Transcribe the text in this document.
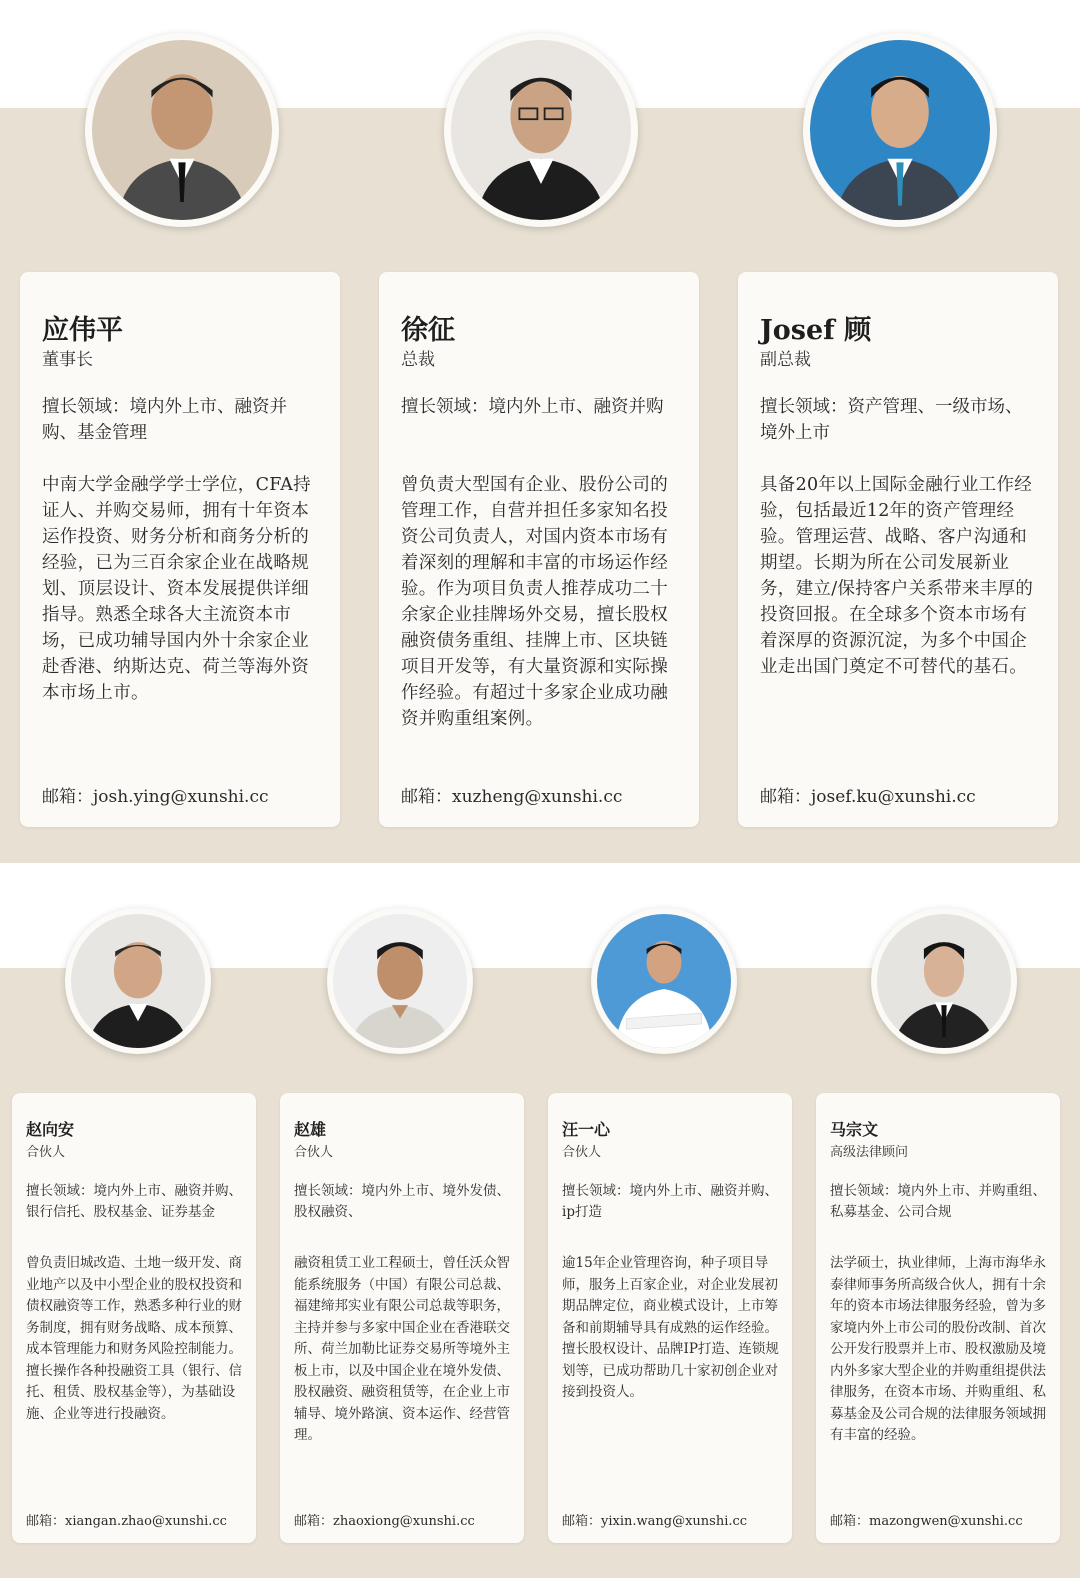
应伟平
董事长
擅长领域：境内外上市、融资并购、基金管理
中南大学金融学学士学位，CFA持证人、并购交易师，拥有十年资本运作投资、财务分析和商务分析的经验，已为三百余家企业在战略规划、顶层设计、资本发展提供详细指导。熟悉全球各大主流资本市场，已成功辅导国内外十余家企业赴香港、纳斯达克、荷兰等海外资本市场上市。
邮箱：josh.ying@xunshi.cc
徐征
总裁
擅长领域：境内外上市、融资并购
曾负责大型国有企业、股份公司的管理工作，自营并担任多家知名投资公司负责人，对国内资本市场有着深刻的理解和丰富的市场运作经验。作为项目负责人推荐成功二十余家企业挂牌场外交易，擅长股权融资债务重组、挂牌上市、区块链项目开发等，有大量资源和实际操作经验。有超过十多家企业成功融资并购重组案例。
邮箱：xuzheng@xunshi.cc
Josef 顾
副总裁
擅长领域：资产管理、一级市场、境外上市
具备20年以上国际金融行业工作经验，包括最近12年的资产管理经验。管理运营、战略、客户沟通和期望。长期为所在公司发展新业务，建立/保持客户关系带来丰厚的投资回报。在全球多个资本市场有着深厚的资源沉淀，为多个中国企业走出国门奠定不可替代的基石。
邮箱：josef.ku@xunshi.cc
赵向安
合伙人
擅长领域：境内外上市、融资并购、银行信托、股权基金、证券基金
曾负责旧城改造、土地一级开发、商业地产以及中小型企业的股权投资和债权融资等工作，熟悉多种行业的财务制度，拥有财务战略、成本预算、成本管理能力和财务风险控制能力。擅长操作各种投融资工具（银行、信托、租赁、股权基金等），为基础设施、企业等进行投融资。
邮箱：xiangan.zhao@xunshi.cc
赵雄
合伙人
擅长领域：境内外上市、境外发债、股权融资、
融资租赁工业工程硕士，曾任沃众智能系统服务（中国）有限公司总裁、福建缔邦实业有限公司总裁等职务，主持并参与多家中国企业在香港联交所、荷兰加勒比证券交易所等境外主板上市，以及中国企业在境外发债、股权融资、融资租赁等，在企业上市辅导、境外路演、资本运作、经营管理。
邮箱：zhaoxiong@xunshi.cc
汪一心
合伙人
擅长领域：境内外上市、融资并购、ip打造
逾15年企业管理咨询，种子项目导师，服务上百家企业，对企业发展初期品牌定位，商业模式设计，上市筹备和前期辅导具有成熟的运作经验。擅长股权设计、品牌IP打造、连锁规划等，已成功帮助几十家初创企业对接到投资人。
邮箱：yixin.wang@xunshi.cc
马宗文
高级法律顾问
擅长领域：境内外上市、并购重组、私募基金、公司合规
法学硕士，执业律师，上海市海华永泰律师事务所高级合伙人，拥有十余年的资本市场法律服务经验，曾为多家境内外上市公司的股份改制、首次公开发行股票并上市、股权激励及境内外多家大型企业的并购重组提供法律服务，在资本市场、并购重组、私募基金及公司合规的法律服务领域拥有丰富的经验。
邮箱：mazongwen@xunshi.cc
